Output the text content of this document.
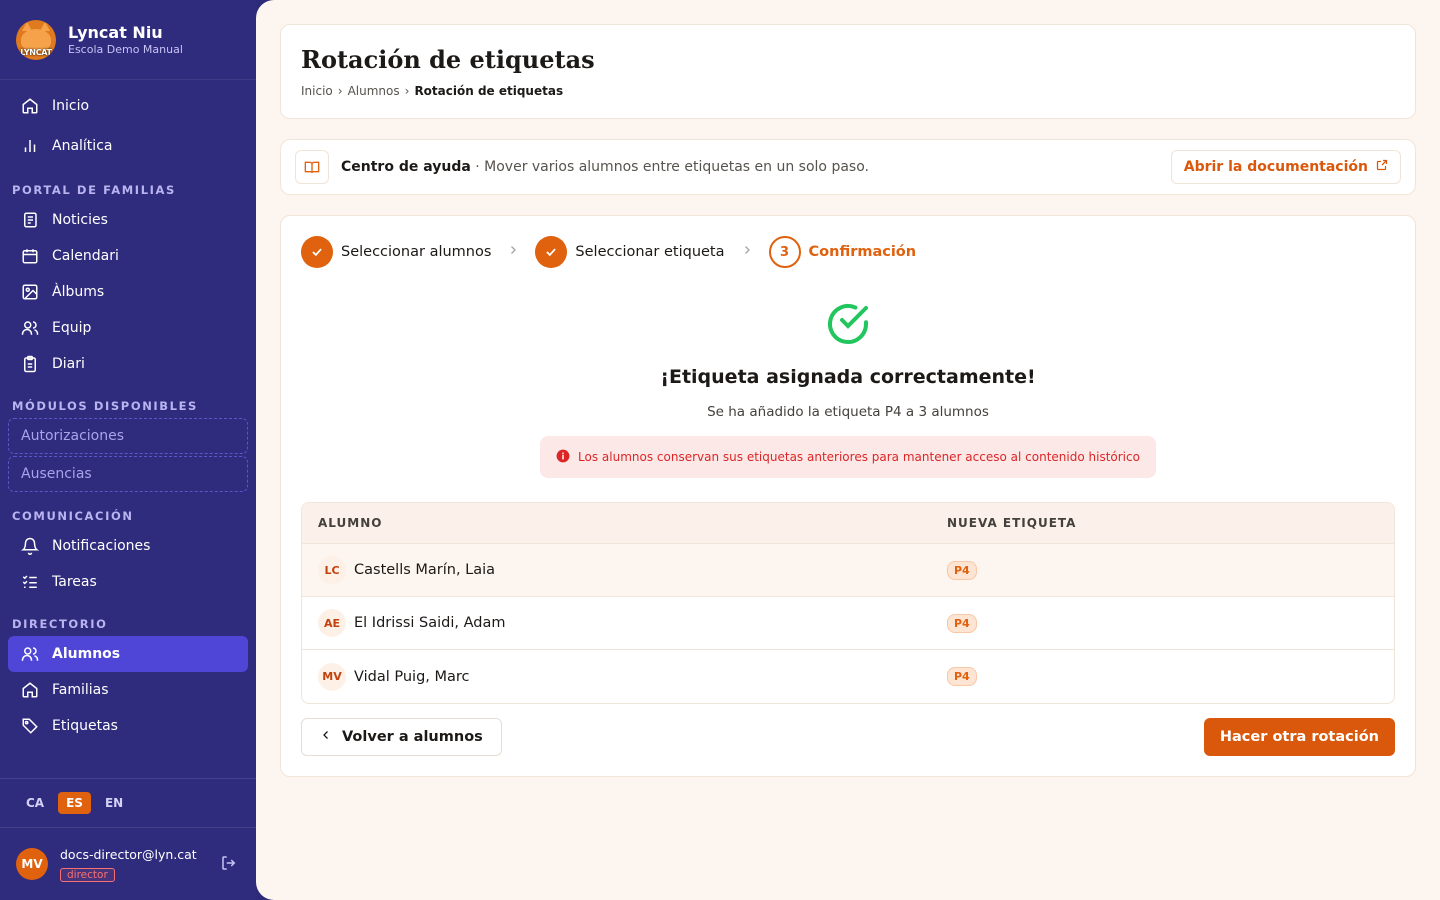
LYNCAT
Lyncat Niu
Escola Demo Manual
Inicio
Analítica
PORTAL DE FAMILIAS
Noticies
Calendari
Àlbums
Equip
Diari
MÓDULOS DISPONIBLES
Autorizaciones
Ausencias
COMUNICACIÓN
Notificaciones
Tareas
DIRECTORIO
Alumnos
Familias
Etiquetas
CA	ES	EN
MV
docs-director@lyn.cat
director
Rotación de etiquetas
Inicio › Alumnos › Rotación de etiquetas
Centro de ayuda · Mover varios alumnos entre etiquetas en un solo paso.	Abrir la documentación
Seleccionar alumnos	Seleccionar etiqueta	3	Confirmación
¡Etiqueta asignada correctamente!
Se ha añadido la etiqueta P4 a 3 alumnos
Los alumnos conservan sus etiquetas anteriores para mantener acceso al contenido histórico
ALUMNO	NUEVA ETIQUETA
LC Castells Marín, Laia	P4
AE El Idrissi Saidi, Adam	P4
MV Vidal Puig, Marc	P4
Volver a alumnos	Hacer otra rotación
